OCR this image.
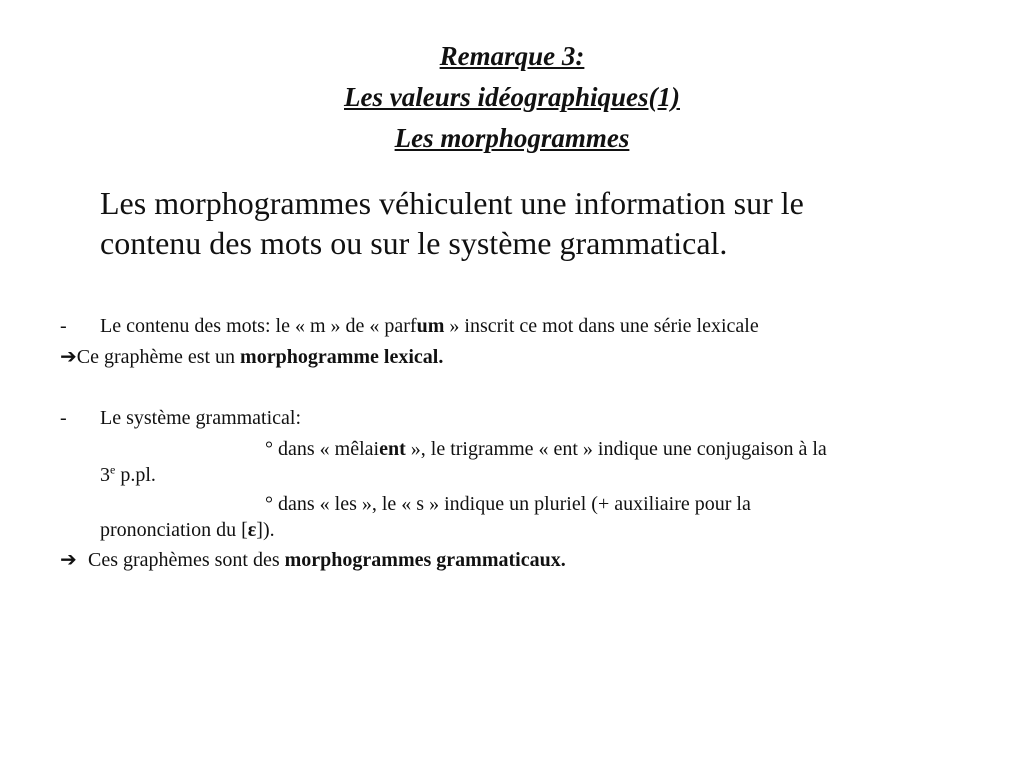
Remarque 3:
Les valeurs idéographiques(1)
Les morphogrammes
Les morphogrammes véhiculent une information sur le
contenu des mots ou sur le système grammatical.
- Le contenu des mots: le « m » de « parfum » inscrit ce mot dans une série lexicale
➔Ce graphème est un morphogramme lexical.
- Le système grammatical:
° dans « mêlaient », le trigramme « ent » indique une conjugaison à la
3e p.pl.
° dans « les », le « s » indique un pluriel (+ auxiliaire pour la
prononciation du [ε]).
➔ Ces graphèmes sont des morphogrammes grammaticaux.
